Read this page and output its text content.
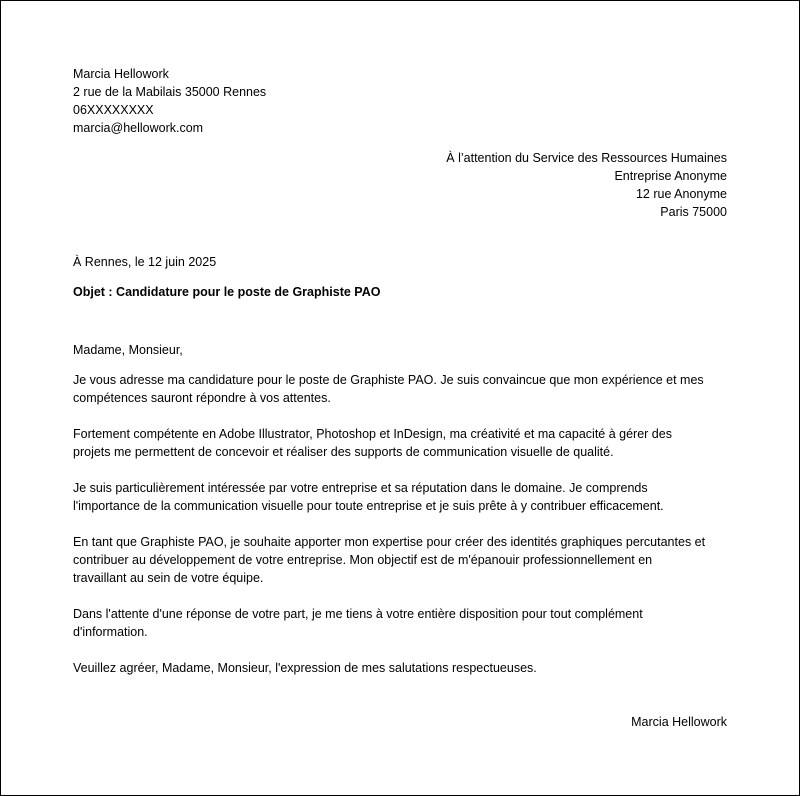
Marcia Hellowork
2 rue de la Mabilais 35000 Rennes
06XXXXXXXX
marcia@hellowork.com
À l’attention du Service des Ressources Humaines
Entreprise Anonyme
12 rue Anonyme
Paris 75000
À Rennes, le 12 juin 2025
Objet : Candidature pour le poste de Graphiste PAO
Madame, Monsieur,
Je vous adresse ma candidature pour le poste de Graphiste PAO. Je suis convaincue que mon expérience et mes
compétences sauront répondre à vos attentes.
Fortement compétente en Adobe Illustrator, Photoshop et InDesign, ma créativité et ma capacité à gérer des
projets me permettent de concevoir et réaliser des supports de communication visuelle de qualité.
Je suis particulièrement intéressée par votre entreprise et sa réputation dans le domaine. Je comprends
l'importance de la communication visuelle pour toute entreprise et je suis prête à y contribuer efficacement.
En tant que Graphiste PAO, je souhaite apporter mon expertise pour créer des identités graphiques percutantes et
contribuer au développement de votre entreprise. Mon objectif est de m'épanouir professionnellement en
travaillant au sein de votre équipe.
Dans l'attente d'une réponse de votre part, je me tiens à votre entière disposition pour tout complément
d'information.
Veuillez agréer, Madame, Monsieur, l'expression de mes salutations respectueuses.
Marcia Hellowork
